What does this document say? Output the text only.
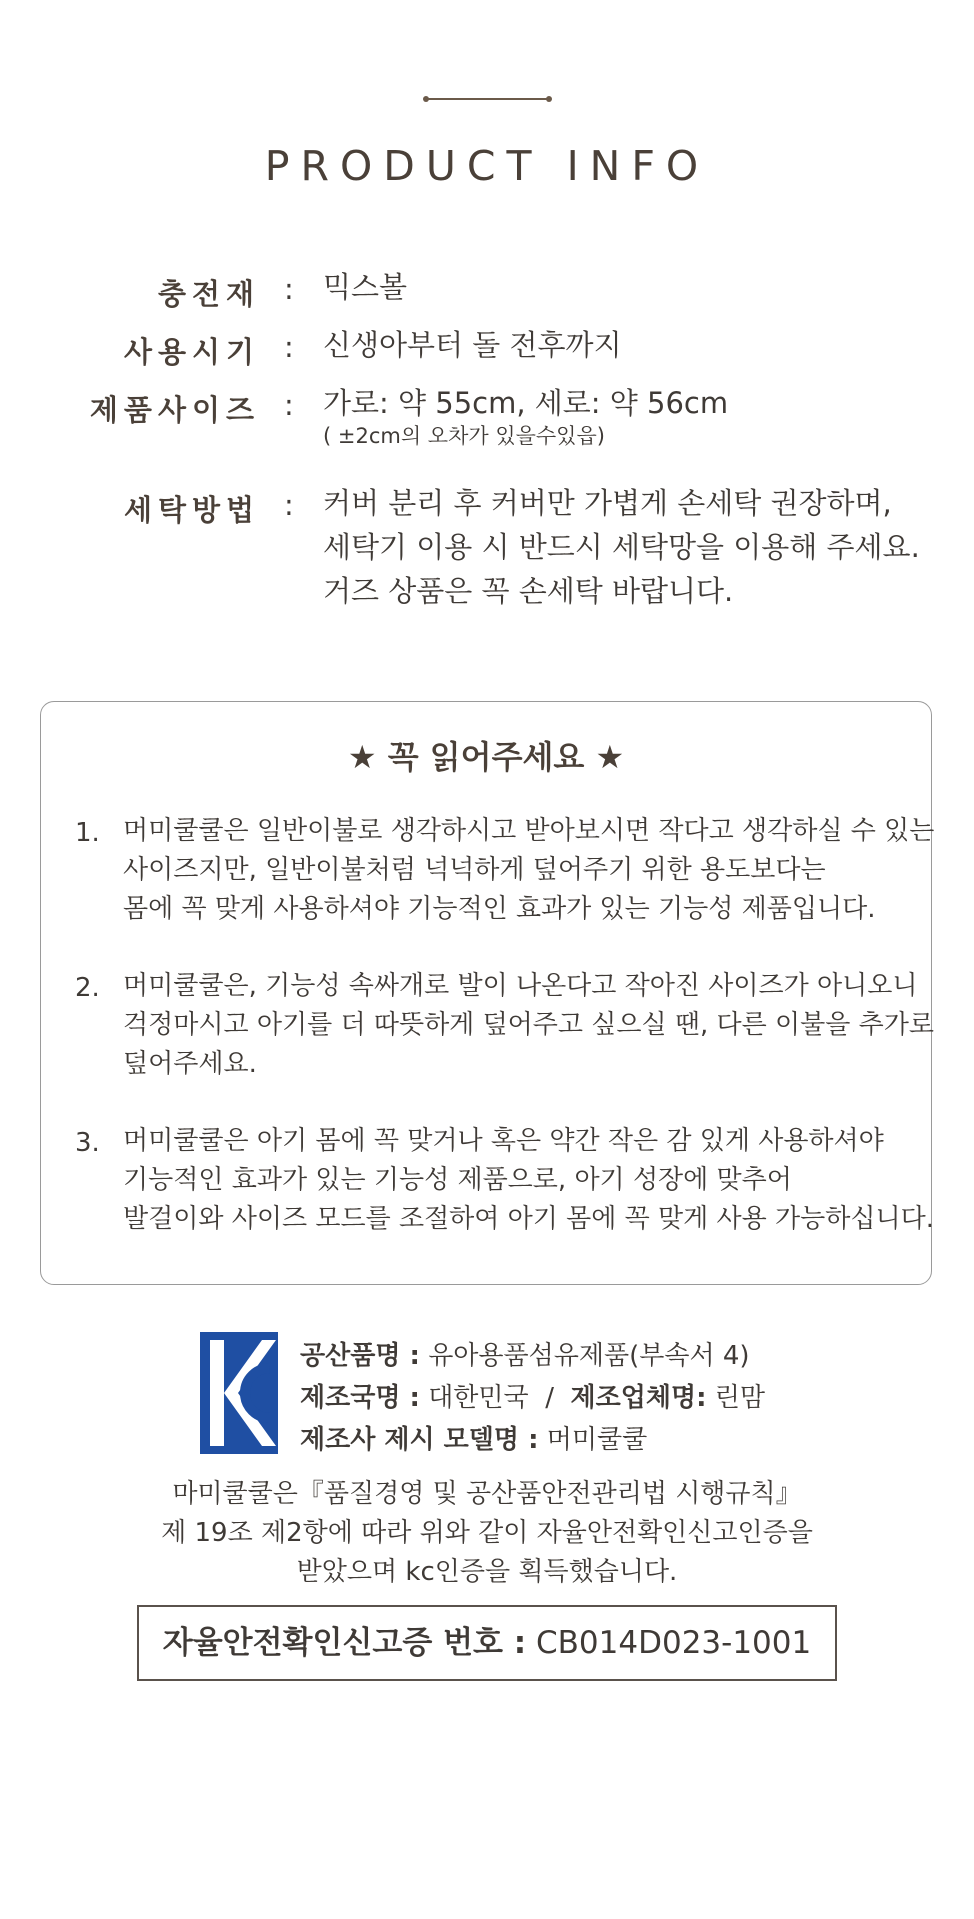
PRODUCT INFO
충전재 : 믹스볼
사용시기 : 신생아부터 돌 전후까지
제품사이즈 : 가로: 약 55cm, 세로: 약 56cm
( ±2cm의 오차가 있을수있읍)
세탁방법 : 커버 분리 후 커버만 가볍게 손세탁 권장하며,
세탁기 이용 시 반드시 세탁망을 이용해 주세요.
거즈 상품은 꼭 손세탁 바랍니다.
★ 꼭 읽어주세요 ★
1. 머미쿨쿨은 일반이불로 생각하시고 받아보시면 작다고 생각하실 수 있는
사이즈지만, 일반이불처럼 넉넉하게 덮어주기 위한 용도보다는
몸에 꼭 맞게 사용하셔야 기능적인 효과가 있는 기능성 제품입니다.
2. 머미쿨쿨은, 기능성 속싸개로 발이 나온다고 작아진 사이즈가 아니오니
걱정마시고 아기를 더 따뜻하게 덮어주고 싶으실 땐, 다른 이불을 추가로
덮어주세요.
3. 머미쿨쿨은 아기 몸에 꼭 맞거나 혹은 약간 작은 감 있게 사용하셔야
기능적인 효과가 있는 기능성 제품으로, 아기 성장에 맞추어
발걸이와 사이즈 모드를 조절하여 아기 몸에 꼭 맞게 사용 가능하십니다.
공산품명 : 유아용품섬유제품(부속서 4)
제조국명 : 대한민국 / 제조업체명: 린맘
제조사 제시 모델명 : 머미쿨쿨
마미쿨쿨은『품질경영 및 공산품안전관리법 시행규칙』
제 19조 제2항에 따라 위와 같이 자율안전확인신고인증을
받았으며 kc인증을 획득했습니다.
자율안전확인신고증 번호 : CB014D023-1001
